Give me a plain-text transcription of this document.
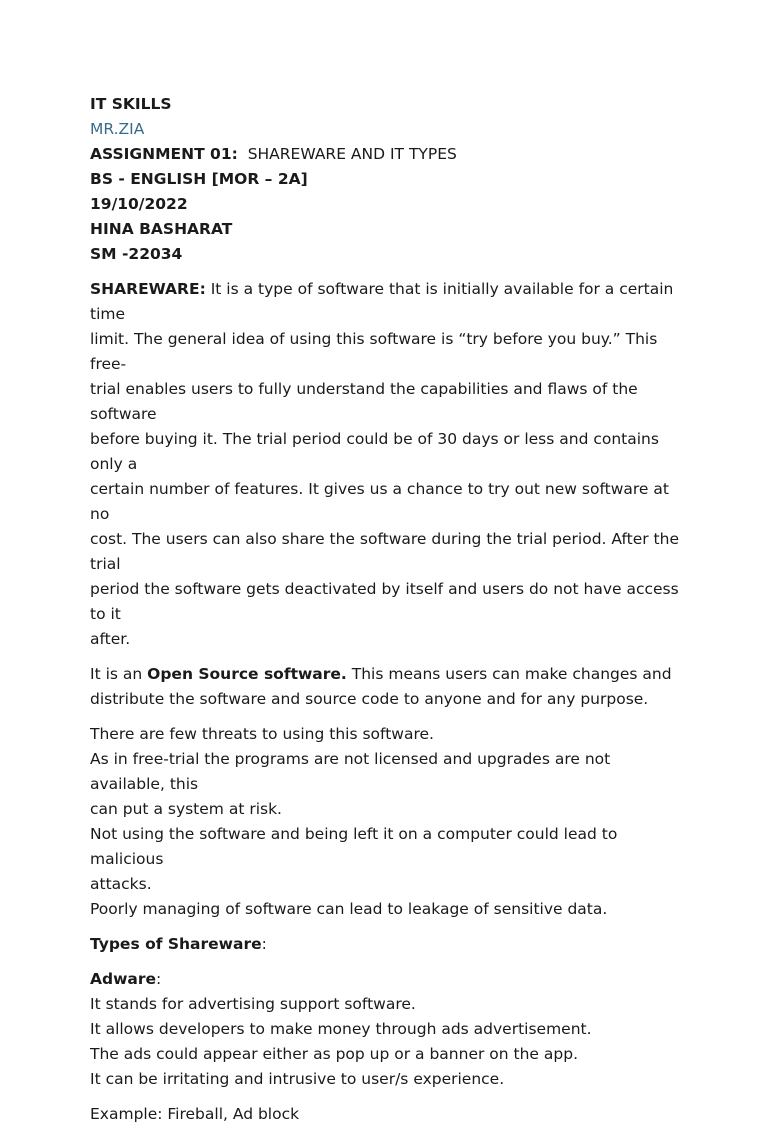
IT SKILLS

MR.ZIA

ASSIGNMENT 01: SHAREWARE AND IT TYPES

BS - ENGLISH [MOR – 2A]

19/10/2022

HINA BASHARAT

SM -22034

SHAREWARE: It is a type of software that is initially available for a certain time

limit. The general idea of using this software is “try before you buy.” This free-

trial enables users to fully understand the capabilities and flaws of the software

before buying it. The trial period could be of 30 days or less and contains only a

certain number of features. It gives us a chance to try out new software at no

cost. The users can also share the software during the trial period. After the trial

period the software gets deactivated by itself and users do not have access to it

after.

It is an Open Source software. This means users can make changes and

distribute the software and source code to anyone and for any purpose.

There are few threats to using this software.

As in free-trial the programs are not licensed and upgrades are not available, this

can put a system at risk.

Not using the software and being left it on a computer could lead to malicious

attacks.

Poorly managing of software can lead to leakage of sensitive data.

Types of Shareware:

Adware:

It stands for advertising support software.

It allows developers to make money through ads advertisement.

The ads could appear either as pop up or a banner on the app.

It can be irritating and intrusive to user/s experience.

Example: Fireball, Ad block
